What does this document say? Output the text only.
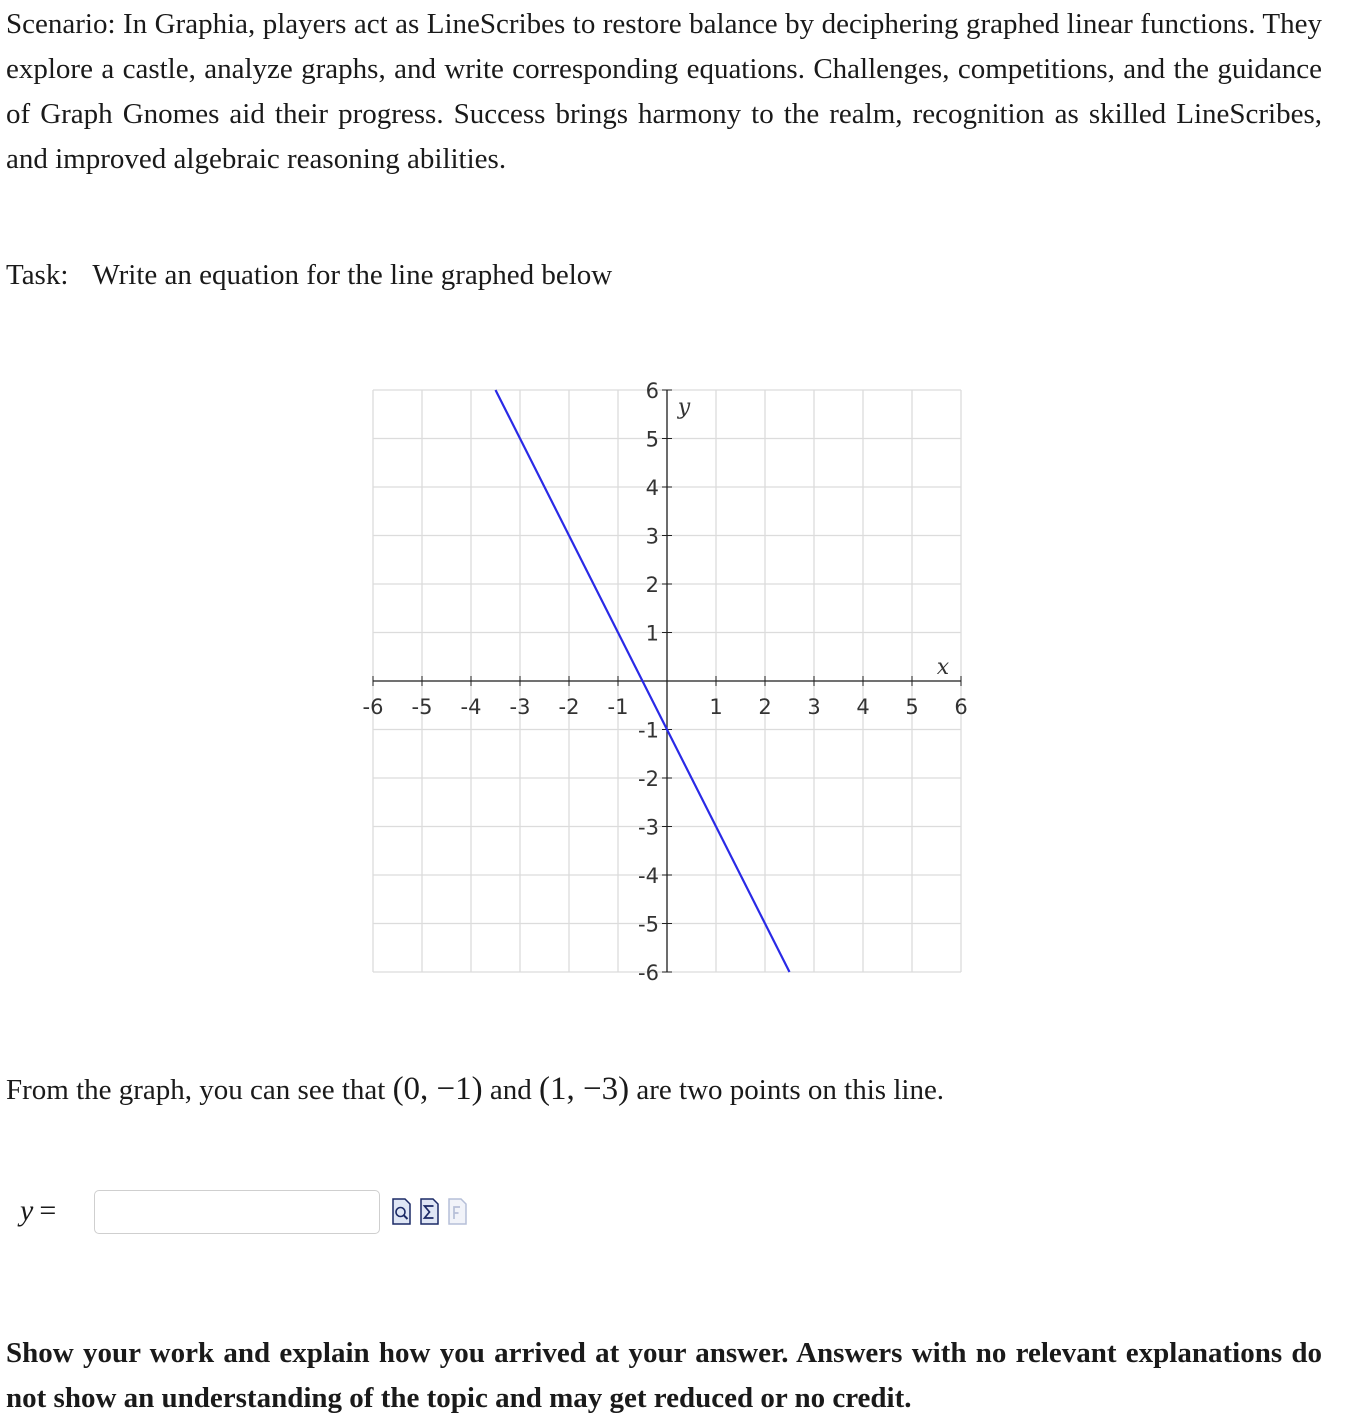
Scenario: In Graphia, players act as LineScribes to restore balance by deciphering graphed linear functions. They explore a castle, analyze graphs, and write corresponding equations. Challenges, competitions, and the guidance of Graph Gnomes aid their progress. Success brings harmony to the realm, recognition as skilled LineScribes, and improved algebraic reasoning abilities.

Task: Write an equation for the line graphed below

-6 -5 -4 -3 -2 -1	1 2 3 4 5 6
6
5
4
3
2
1
-1
-2
-3
-4
-5
-6
x
y

From the graph, you can see that (0, −1) and (1, −3) are two points on this line.

y =

Show your work and explain how you arrived at your answer. Answers with no relevant explanations do not show an understanding of the topic and may get reduced or no credit.
